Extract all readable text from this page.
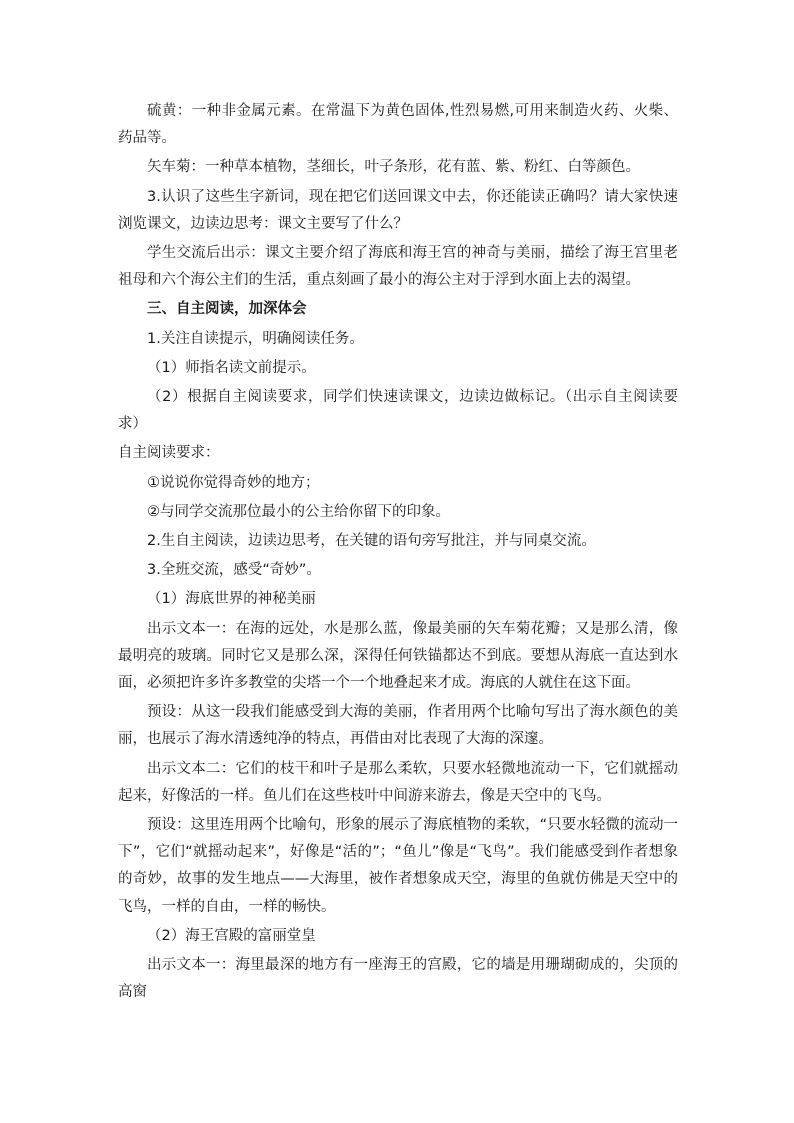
硫黄：一种非金属元素。在常温下为黄色固体,性烈易燃,可用来制造火药、火柴、药品等。

矢车菊：一种草本植物，茎细长，叶子条形，花有蓝、紫、粉红、白等颜色。

3.认识了这些生字新词，现在把它们送回课文中去，你还能读正确吗？请大家快速浏览课文，边读边思考：课文主要写了什么？

学生交流后出示：课文主要介绍了海底和海王宫的神奇与美丽，描绘了海王宫里老祖母和六个海公主们的生活，重点刻画了最小的海公主对于浮到水面上去的渴望。

三、自主阅读，加深体会

1.关注自读提示，明确阅读任务。

（1）师指名读文前提示。

（2）根据自主阅读要求，同学们快速读课文，边读边做标记。（出示自主阅读要求）

自主阅读要求：

①说说你觉得奇妙的地方；

②与同学交流那位最小的公主给你留下的印象。

2.生自主阅读，边读边思考，在关键的语句旁写批注，并与同桌交流。

3.全班交流，感受“奇妙”。

（1）海底世界的神秘美丽

出示文本一：在海的远处，水是那么蓝，像最美丽的矢车菊花瓣；又是那么清，像最明亮的玻璃。同时它又是那么深，深得任何铁锚都达不到底。要想从海底一直达到水面，必须把许多许多教堂的尖塔一个一个地叠起来才成。海底的人就住在这下面。

预设：从这一段我们能感受到大海的美丽，作者用两个比喻句写出了海水颜色的美丽，也展示了海水清透纯净的特点，再借由对比表现了大海的深邃。

出示文本二：它们的枝干和叶子是那么柔软，只要水轻微地流动一下，它们就摇动起来，好像活的一样。鱼儿们在这些枝叶中间游来游去，像是天空中的飞鸟。

预设：这里连用两个比喻句，形象的展示了海底植物的柔软，“只要水轻微的流动一下”，它们“就摇动起来”，好像是“活的”；“鱼儿”像是“飞鸟”。我们能感受到作者想象的奇妙，故事的发生地点——大海里，被作者想象成天空，海里的鱼就仿佛是天空中的飞鸟，一样的自由，一样的畅快。

（2）海王宫殿的富丽堂皇

出示文本一：海里最深的地方有一座海王的宫殿，它的墙是用珊瑚砌成的，尖顶的高窗
